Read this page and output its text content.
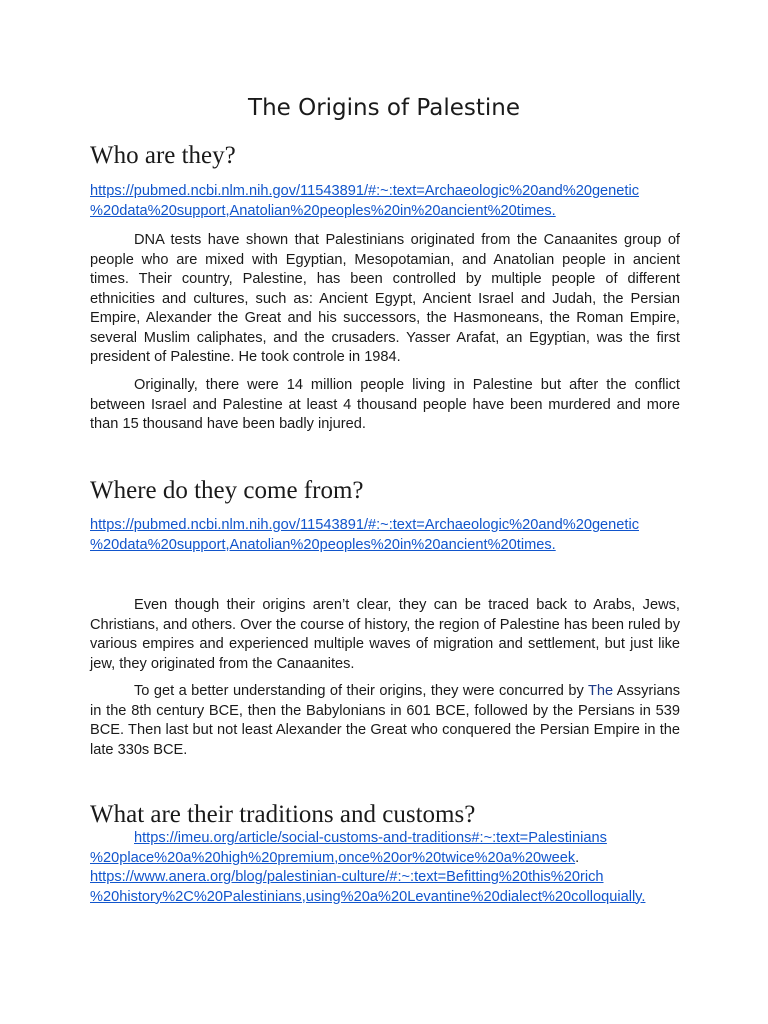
The Origins of Palestine
Who are they?
https://pubmed.ncbi.nlm.nih.gov/11543891/#:~:text=Archaeologic%20and%20genetic
%20data%20support,Anatolian%20peoples%20in%20ancient%20times.

DNA tests have shown that Palestinians originated from the Canaanites group of people who are mixed with Egyptian, Mesopotamian, and Anatolian people in ancient times. Their country, Palestine, has been controlled by multiple people of different ethnicities and cultures, such as: Ancient Egypt, Ancient Israel and Judah, the Persian Empire, Alexander the Great and his successors, the Hasmoneans, the Roman Empire, several Muslim caliphates, and the crusaders. Yasser Arafat, an Egyptian, was the first president of Palestine. He took controle in 1984.

Originally, there were 14 million people living in Palestine but after the conflict between Israel and Palestine at least 4 thousand people have been murdered and more than 15 thousand have been badly injured.

Where do they come from?
https://pubmed.ncbi.nlm.nih.gov/11543891/#:~:text=Archaeologic%20and%20genetic
%20data%20support,Anatolian%20peoples%20in%20ancient%20times.

Even though their origins aren’t clear, they can be traced back to Arabs, Jews, Christians, and others. Over the course of history, the region of Palestine has been ruled by various empires and experienced multiple waves of migration and settlement, but just like jew, they originated from the Canaanites.

To get a better understanding of their origins, they were concurred by The Assyrians in the 8th century BCE, then the Babylonians in 601 BCE, followed by the Persians in 539 BCE. Then last but not least Alexander the Great who conquered the Persian Empire in the late 330s BCE.

What are their traditions and customs?
https://imeu.org/article/social-customs-and-traditions#:~:text=Palestinians
%20place%20a%20high%20premium,once%20or%20twice%20a%20week.
https://www.anera.org/blog/palestinian-culture/#:~:text=Befitting%20this%20rich
%20history%2C%20Palestinians,using%20a%20Levantine%20dialect%20colloquially.
